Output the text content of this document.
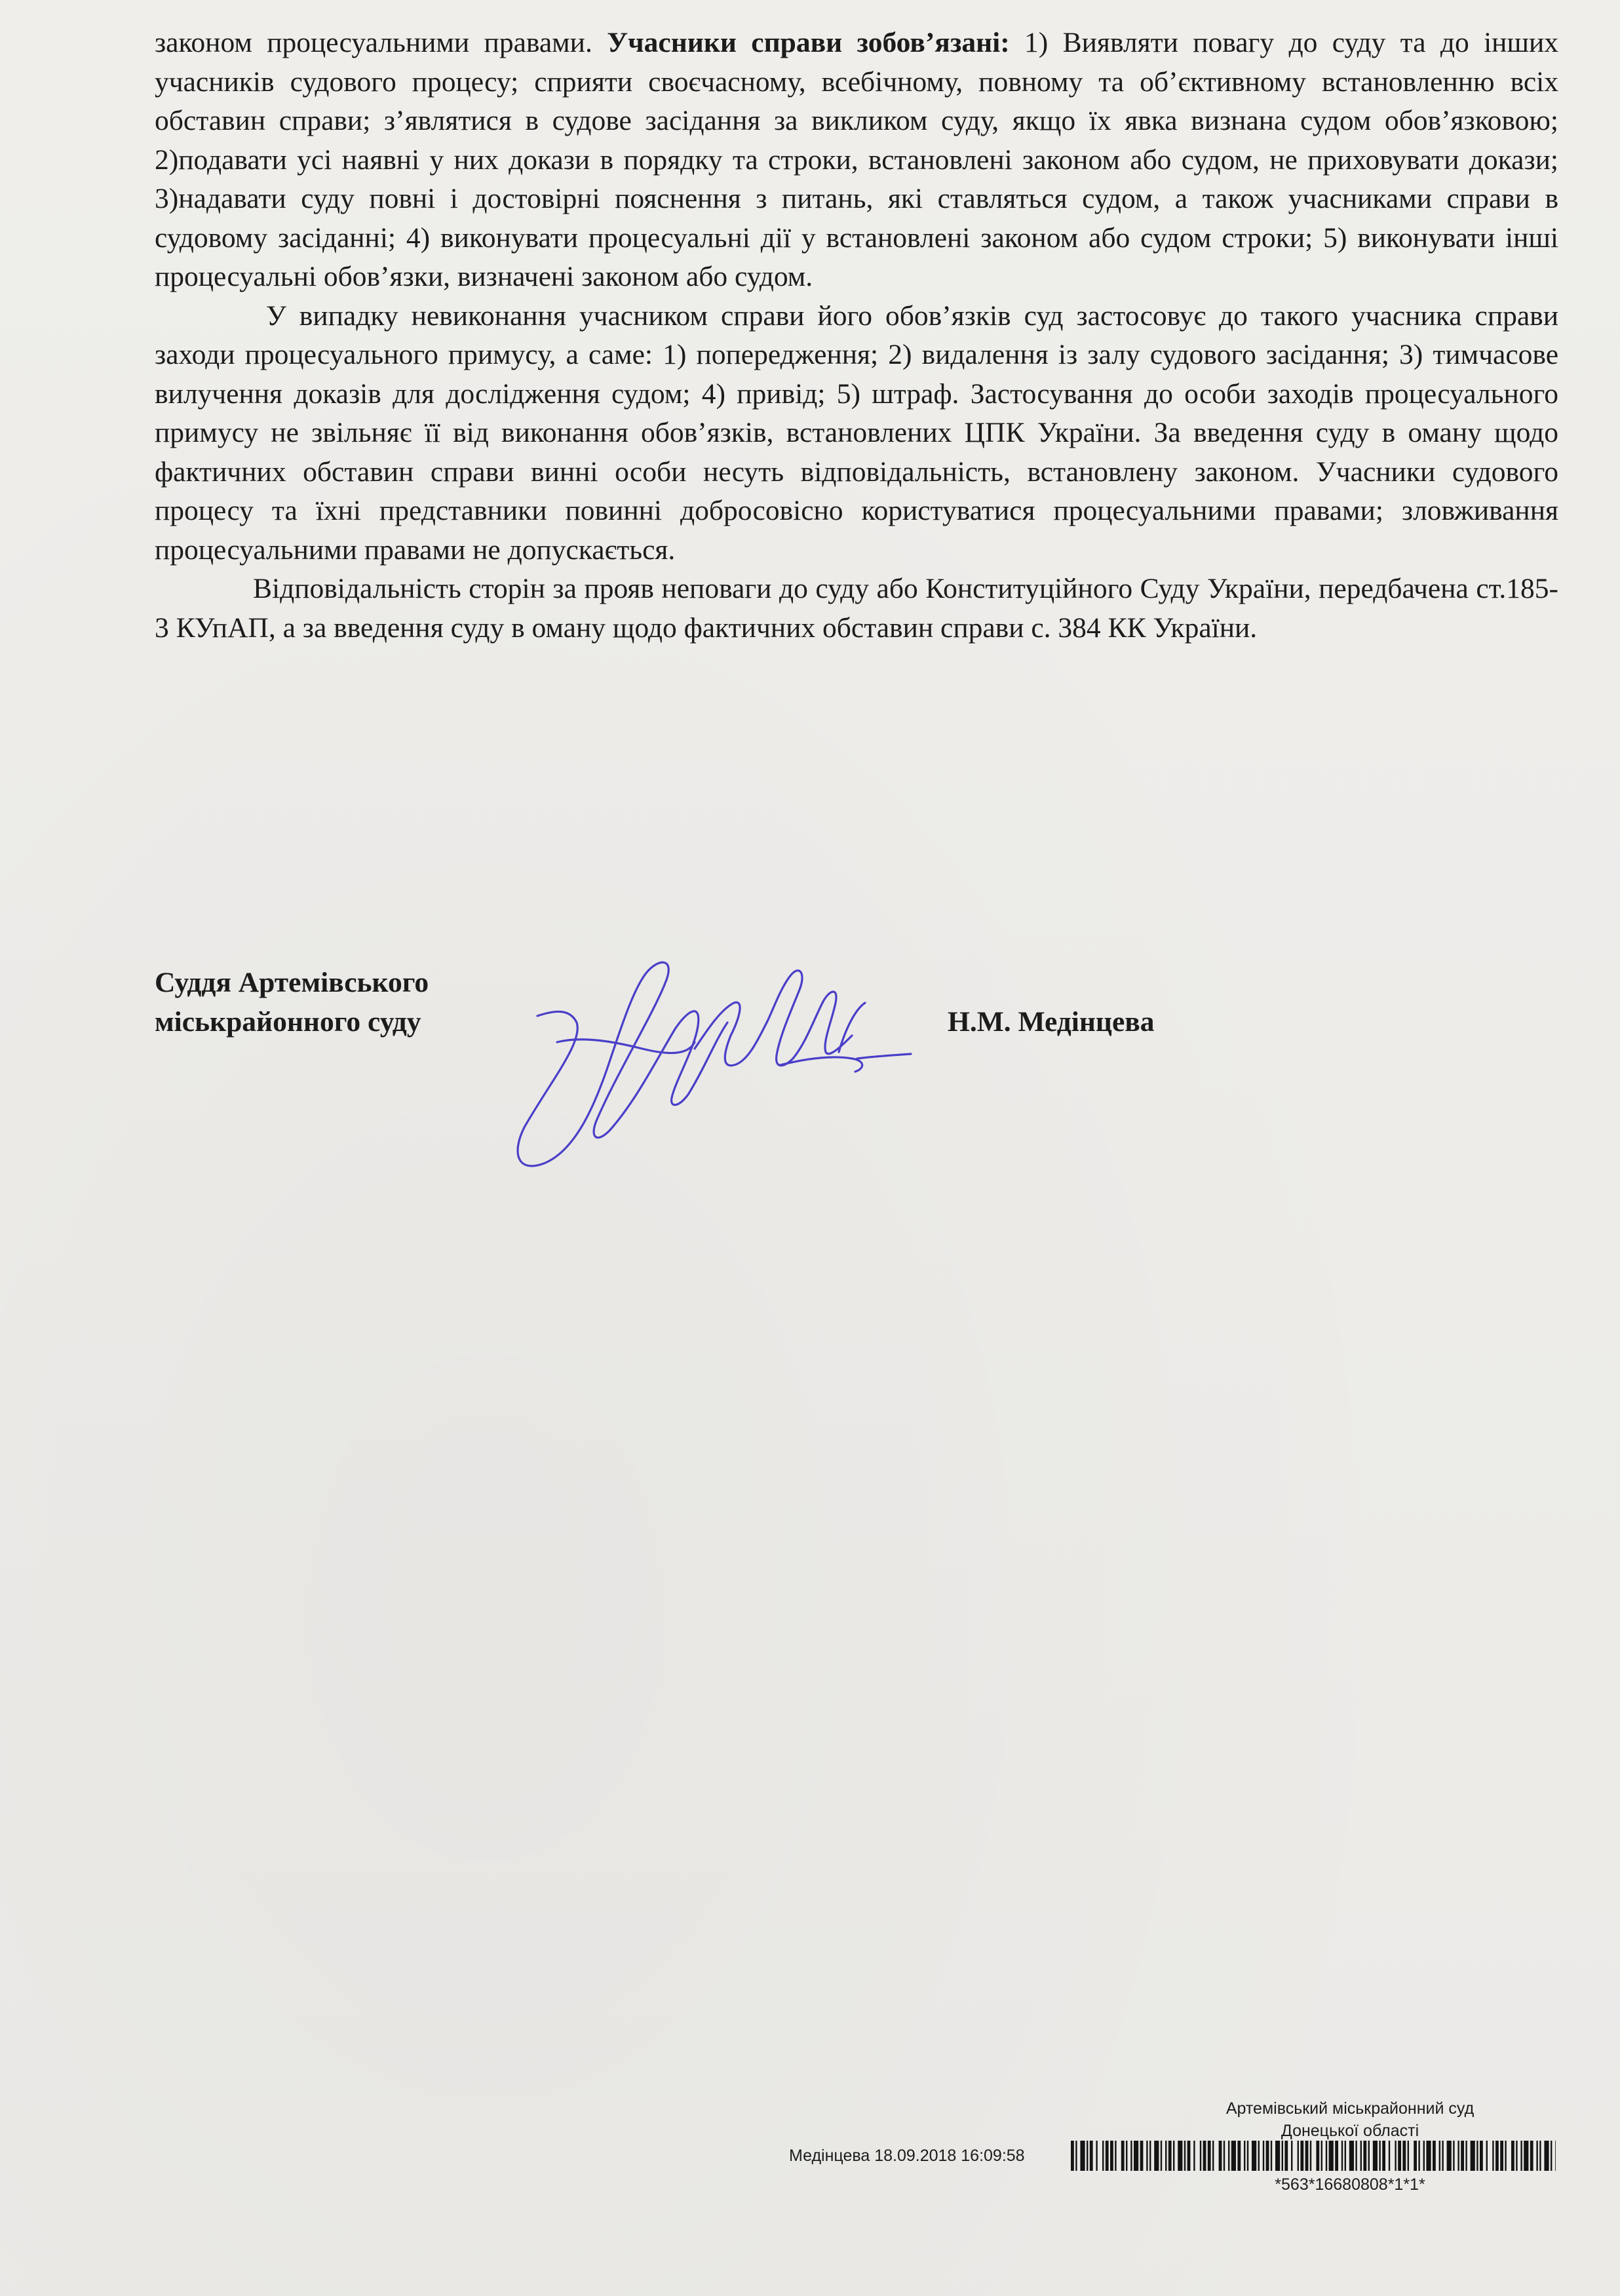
законом процесуальними правами. Учасники справи зобов’язані: 1) Виявляти повагу до суду та до інших учасників судового процесу; сприяти своєчасному, всебічному, повному та об’єктивному встановленню всіх обставин справи; з’являтися в судове засідання за викликом суду, якщо їх явка визнана судом обов’язковою; 2)подавати усі наявні у них докази в порядку та строки, встановлені законом або судом, не приховувати докази; 3)надавати суду повні і достовірні пояснення з питань, які ставляться судом, а також учасниками справи в судовому засіданні; 4) виконувати процесуальні дії у встановлені законом або судом строки; 5) виконувати інші процесуальні обов’язки, визначені законом або судом.

У випадку невиконання учасником справи його обов’язків суд застосовує до такого учасника справи заходи процесуального примусу, а саме: 1) попередження; 2) видалення із залу судового засідання; 3) тимчасове вилучення доказів для дослідження судом; 4) привід; 5) штраф. Застосування до особи заходів процесуального примусу не звільняє її від виконання обов’язків, встановлених ЦПК України. За введення суду в оману щодо фактичних обставин справи винні особи несуть відповідальність, встановлену законом. Учасники судового процесу та їхні представники повинні добросовісно користуватися процесуальними правами; зловживання процесуальними правами не допускається.

Відповідальність сторін за прояв неповаги до суду або Конституційного Суду України, передбачена ст.185-3 КУпАП, а за введення суду в оману щодо фактичних обставин справи с. 384 КК України.

Суддя Артемівського
міськрайонного суду	Н.М. Медінцева
Артемівський міськрайонний суд
Донецької області
Медінцева 18.09.2018 16:09:58
*563*16680808*1*1*
